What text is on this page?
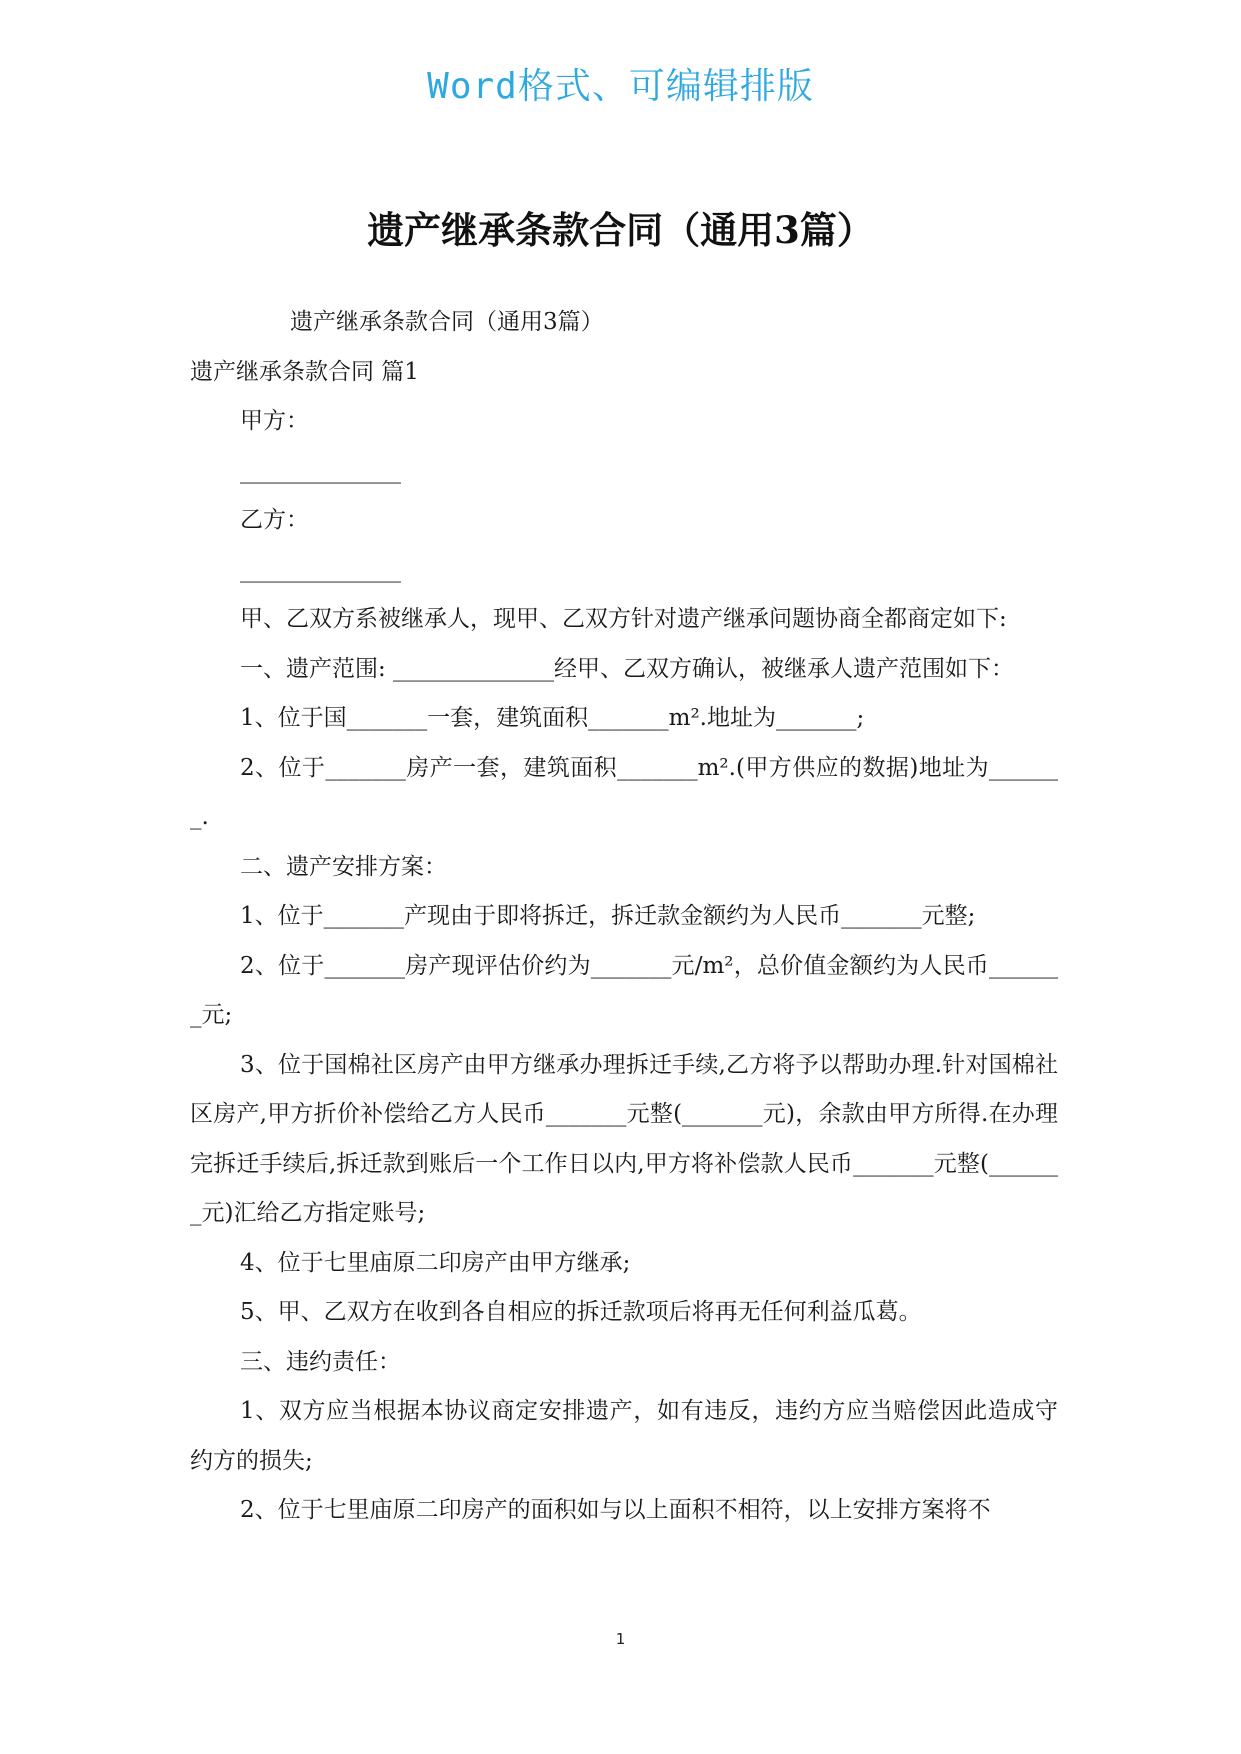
Word格式、可编辑排版
遗产继承条款合同（通用3篇）

遗产继承条款合同（通用3篇）

遗产继承条款合同 篇1

甲方：

______________

乙方：

______________

甲、乙双方系被继承人，现甲、乙双方针对遗产继承问题协商全都商定如下:

一、遗产范围: ______________经甲、乙双方确认，被继承人遗产范围如下：

1、位于国_______一套，建筑面积_______m².地址为_______;

2、位于_______房产一套，建筑面积_______m².(甲方供应的数据)地址为_______.

二、遗产安排方案：

1、位于_______产现由于即将拆迁，拆迁款金额约为人民币_______元整;

2、位于_______房产现评估价约为_______元/m²，总价值金额约为人民币_______元;

3、位于国棉社区房产由甲方继承办理拆迁手续,乙方将予以帮助办理.针对国棉社区房产,甲方折价补偿给乙方人民币_______元整(_______元)，余款由甲方所得.在办理完拆迁手续后,拆迁款到账后一个工作日以内,甲方将补偿款人民币_______元整(_______元)汇给乙方指定账号;

4、位于七里庙原二印房产由甲方继承;

5、甲、乙双方在收到各自相应的拆迁款项后将再无任何利益瓜葛。

三、违约责任：

1、双方应当根据本协议商定安排遗产，如有违反，违约方应当赔偿因此造成守约方的损失;

2、位于七里庙原二印房产的面积如与以上面积不相符，以上安排方案将不

1
